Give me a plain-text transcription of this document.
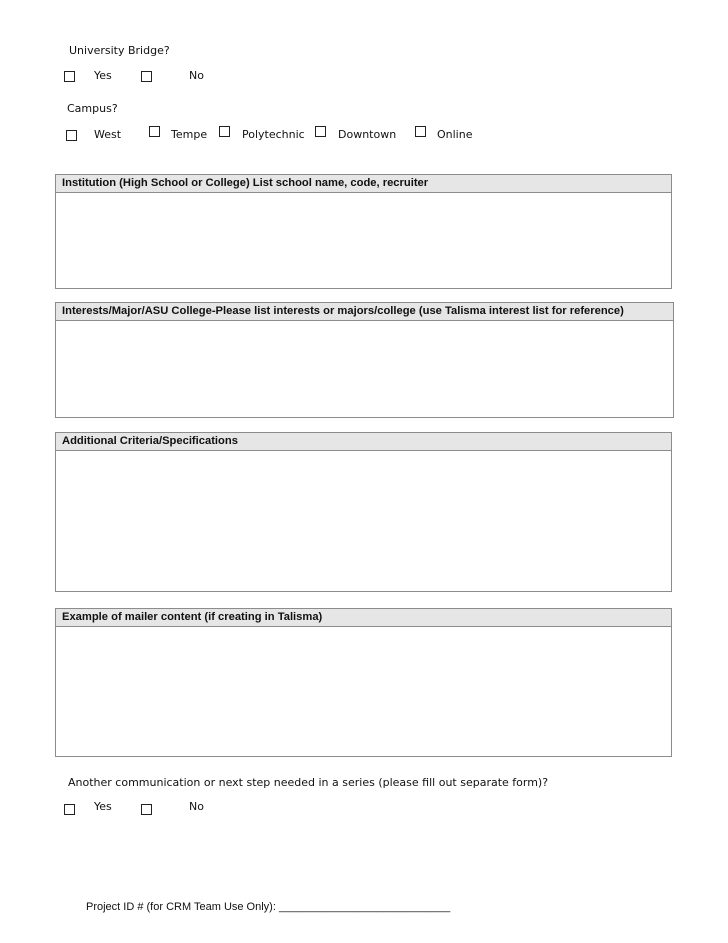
University Bridge?
Yes	No
Campus?
West	Tempe	Polytechnic	Downtown	Online
Institution (High School or College) List school name, code, recruiter
Interests/Major/ASU College-Please list interests or majors/college (use Talisma interest list for reference)
Additional Criteria/Specifications
Example of mailer content (if creating in Talisma)
Another communication or next step needed in a series (please fill out separate form)?
Yes	No
Project ID # (for CRM Team Use Only): ____________________________
